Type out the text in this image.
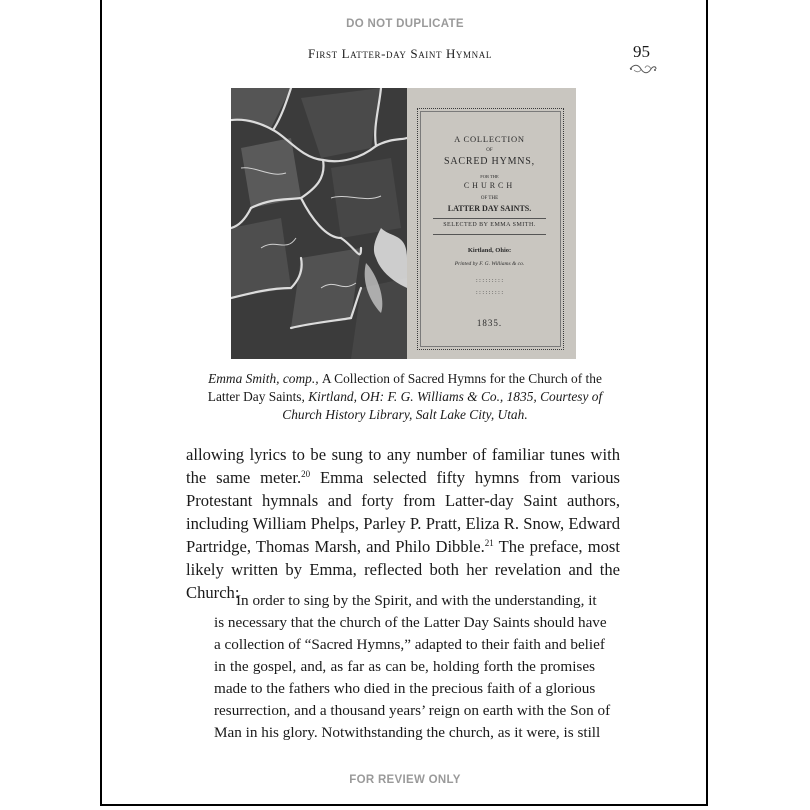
DO NOT DUPLICATE
First Latter-day Saint Hymnal	95
A COLLECTION
OF
SACRED HYMNS,
FOR THE
CHURCH
OF THE
LATTER DAY SAINTS.
SELECTED BY EMMA SMITH.
Kirtland, Ohio:
Printed by F. G. Williams & co.
: : : : : : : : :
: : : : : : : : :
1835.
Emma Smith, comp., A Collection of Sacred Hymns for the Church of the Latter Day Saints, Kirtland, OH: F. G. Williams & Co., 1835, Courtesy of Church History Library, Salt Lake City, Utah.

allowing lyrics to be sung to any number of familiar tunes with the same meter.$^{20}$ Emma selected fifty hymns from various Protestant hymnals and forty from Latter-day Saint authors, including William Phelps, Parley P. Pratt, Eliza R. Snow, Edward Partridge, Thomas Marsh, and Philo Dibble.$^{21}$ The preface, most likely written by Emma, reflected both her revelation and the Church:

In order to sing by the Spirit, and with the understanding, it
is necessary that the church of the Latter Day Saints should have
a collection of “Sacred Hymns,” adapted to their faith and belief
in the gospel, and, as far as can be, holding forth the promises
made to the fathers who died in the precious faith of a glorious
resurrection, and a thousand years’ reign on earth with the Son of
Man in his glory. Notwithstanding the church, as it were, is still
FOR REVIEW ONLY
